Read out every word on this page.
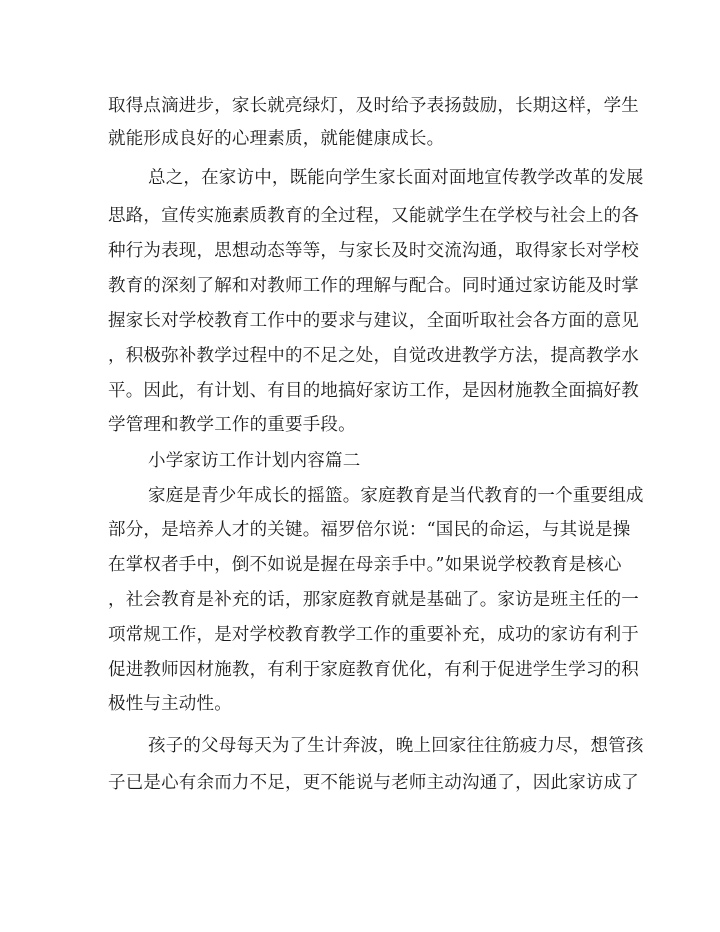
取得点滴进步，家长就亮绿灯，及时给予表扬鼓励，长期这样，学生

就能形成良好的心理素质，就能健康成长。

总之，在家访中，既能向学生家长面对面地宣传教学改革的发展

思路，宣传实施素质教育的全过程，又能就学生在学校与社会上的各

种行为表现，思想动态等等，与家长及时交流沟通，取得家长对学校

教育的深刻了解和对教师工作的理解与配合。同时通过家访能及时掌

握家长对学校教育工作中的要求与建议，全面听取社会各方面的意见

，积极弥补教学过程中的不足之处，自觉改进教学方法，提高教学水

平。因此，有计划、有目的地搞好家访工作，是因材施教全面搞好教

学管理和教学工作的重要手段。

小学家访工作计划内容篇二

家庭是青少年成长的摇篮。家庭教育是当代教育的一个重要组成

部分，是培养人才的关键。福罗倍尔说：“国民的命运，与其说是操

在掌权者手中，倒不如说是握在母亲手中。”如果说学校教育是核心

，社会教育是补充的话，那家庭教育就是基础了。家访是班主任的一

项常规工作，是对学校教育教学工作的重要补充，成功的家访有利于

促进教师因材施教，有利于家庭教育优化，有利于促进学生学习的积

极性与主动性。

孩子的父母每天为了生计奔波，晚上回家往往筋疲力尽，想管孩

子已是心有余而力不足，更不能说与老师主动沟通了，因此家访成了
